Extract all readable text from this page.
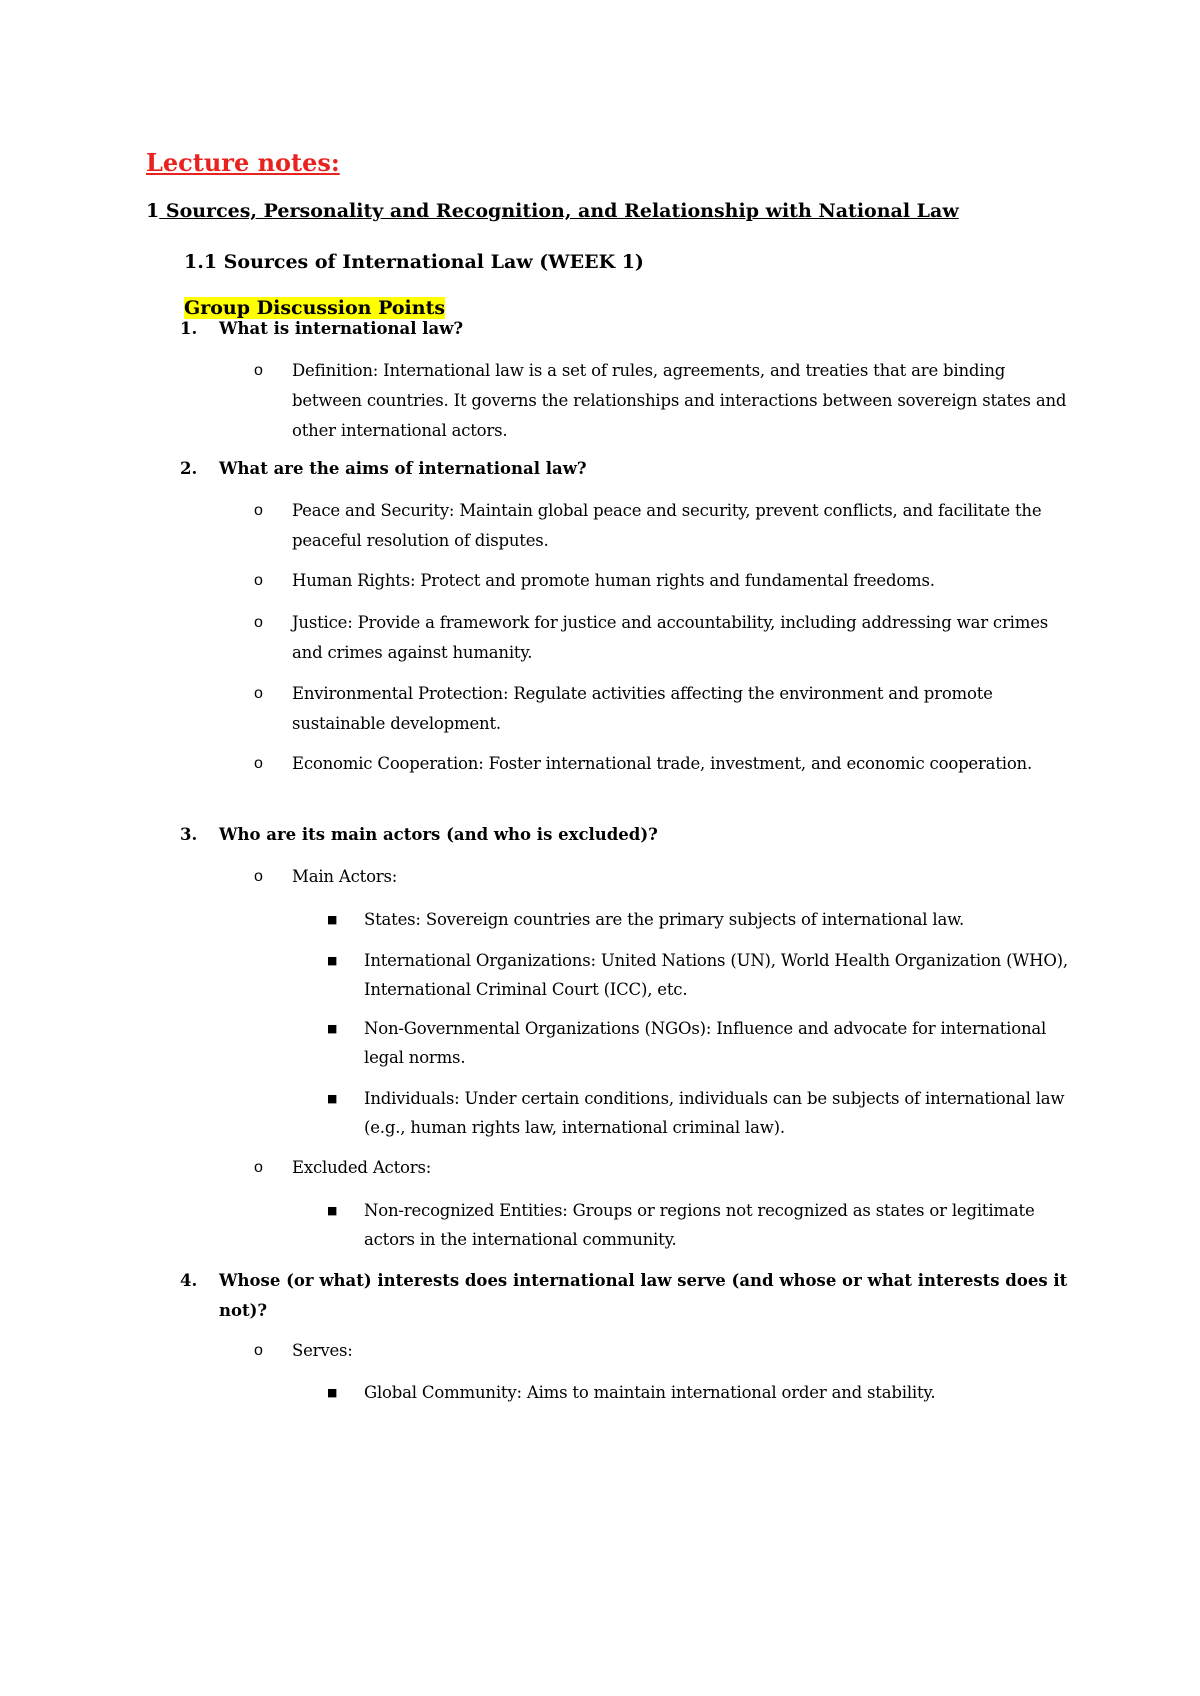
Lecture notes:
1 Sources, Personality and Recognition, and Relationship with National Law
1.1 Sources of International Law (WEEK 1)
Group Discussion Points
1. What is international law?
o Definition: International law is a set of rules, agreements, and treaties that are binding between countries. It governs the relationships and interactions between sovereign states and other international actors.
2. What are the aims of international law?
o Peace and Security: Maintain global peace and security, prevent conflicts, and facilitate the peaceful resolution of disputes.
o Human Rights: Protect and promote human rights and fundamental freedoms.
o Justice: Provide a framework for justice and accountability, including addressing war crimes and crimes against humanity.
o Environmental Protection: Regulate activities affecting the environment and promote sustainable development.
o Economic Cooperation: Foster international trade, investment, and economic cooperation.
3. Who are its main actors (and who is excluded)?
o Main Actors:
■ States: Sovereign countries are the primary subjects of international law.
■ International Organizations: United Nations (UN), World Health Organization (WHO), International Criminal Court (ICC), etc.
■ Non-Governmental Organizations (NGOs): Influence and advocate for international legal norms.
■ Individuals: Under certain conditions, individuals can be subjects of international law (e.g., human rights law, international criminal law).
o Excluded Actors:
■ Non-recognized Entities: Groups or regions not recognized as states or legitimate actors in the international community.
4. Whose (or what) interests does international law serve (and whose or what interests does it not)?
o Serves:
■ Global Community: Aims to maintain international order and stability.
